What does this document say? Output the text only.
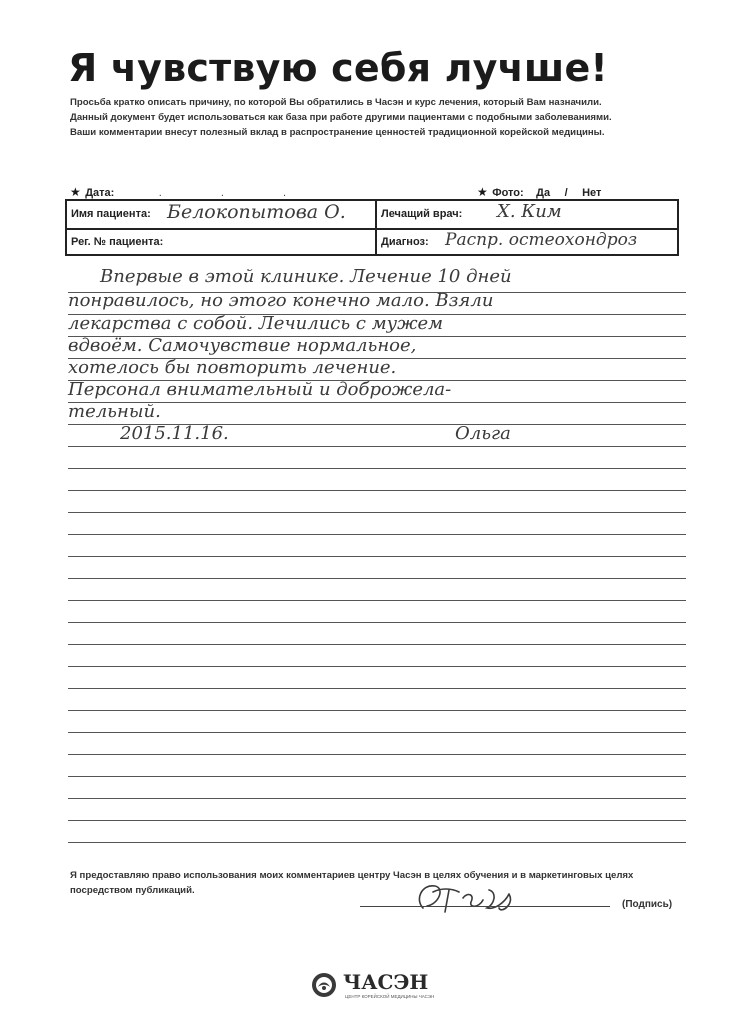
Я чувствую себя лучше!
Просьба кратко описать причину, по которой Вы обратились в Часэн и курс лечения, который Вам назначили.
Данный документ будет использоваться как база при работе другими пациентами с подобными заболеваниями.
Ваши комментарии внесут полезный вклад в распространение ценностей традиционной корейской медицины.
★ Дата:	. . .	★ Фото: Да / Нет
Имя пациента: Белокопытова О.	Лечащий врач: Х. Ким
Рег. № пациента:	Диагноз: Распр. остеохондроз
Впервые в этой клинике. Лечение 10 дней
понравилось, но этого конечно мало. Взяли
лекарства с собой. Лечились с мужем
вдвоём. Самочувствие нормальное,
хотелось бы повторить лечение.
Персонал внимательный и доброжела-
тельный.
2015.11.16.	Ольга
Я предоставляю право использования моих комментариев центру Часэн в целях обучения и в маркетинговых целях
посредством публикаций.
(Подпись)
ЧАСЭН
ЦЕНТР КОРЕЙСКОЙ МЕДИЦИНЫ ЧАСЭН
